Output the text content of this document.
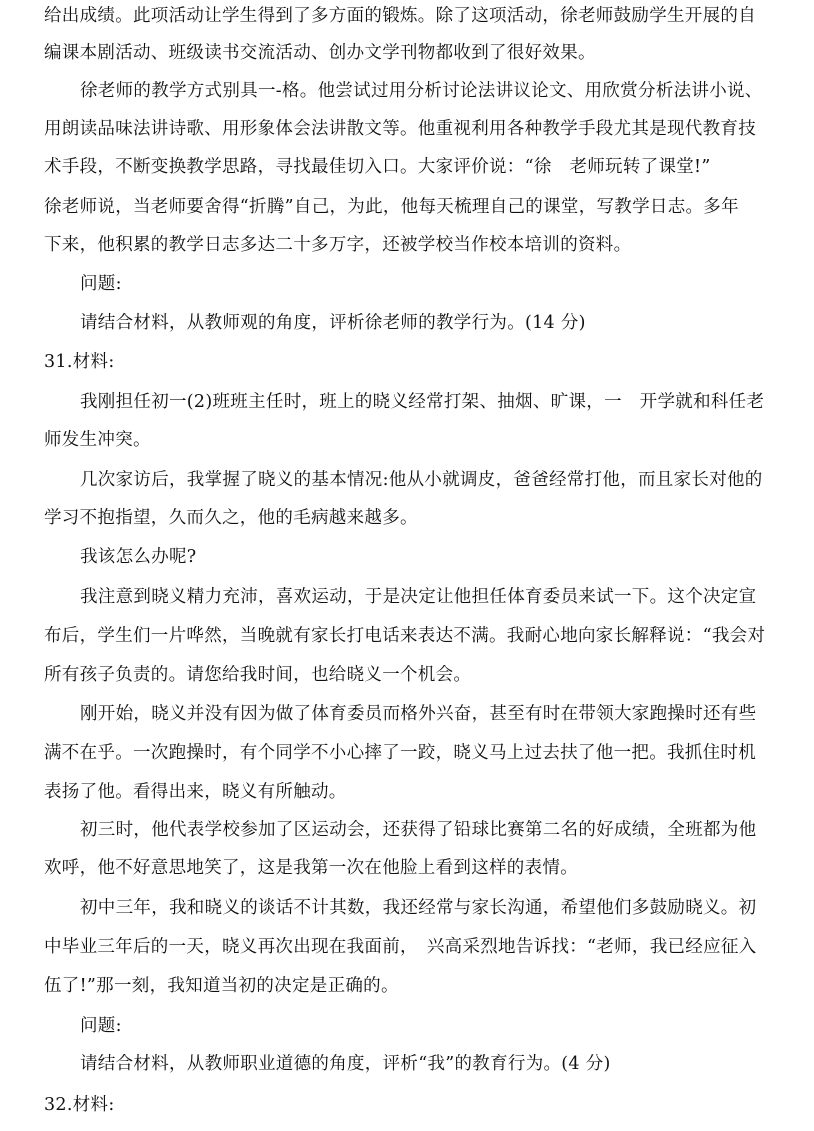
给出成绩。此项活动让学生得到了多方面的锻炼。除了这项活动，徐老师鼓励学生开展的自
编课本剧活动、班级读书交流活动、创办文学刊物都收到了很好效果。
徐老师的教学方式别具一-格。他尝试过用分析讨论法讲议论文、用欣赏分析法讲小说、
用朗读品味法讲诗歌、用形象体会法讲散文等。他重视利用各种教学手段尤其是现代教育技
术手段，不断变换教学思路，寻找最佳切入口。大家评价说：“徐　老师玩转了课堂!”
徐老师说，当老师要舍得“折腾”自己，为此，他每天梳理自己的课堂，写教学日志。多年
下来，他积累的教学日志多达二十多万字，还被学校当作校本培训的资料。
问题:
请结合材料，从教师观的角度，评析徐老师的教学行为。(14 分)
31.材料:
我刚担任初一(2)班班主任时，班上的晓义经常打架、抽烟、旷课，一　开学就和科任老
师发生冲突。
几次家访后，我掌握了晓义的基本情况:他从小就调皮，爸爸经常打他，而且家长对他的
学习不抱指望，久而久之，他的毛病越来越多。
我该怎么办呢?
我注意到晓义精力充沛，喜欢运动，于是决定让他担任体育委员来试一下。这个决定宣
布后，学生们一片哗然，当晚就有家长打电话来表达不满。我耐心地向家长解释说：“我会对
所有孩子负责的。请您给我时间，也给晓义一个机会。
刚开始，晓义并没有因为做了体育委员而格外兴奋，甚至有时在带领大家跑操时还有些
满不在乎。一次跑操时，有个同学不小心摔了一跤，晓义马上过去扶了他一把。我抓住时机
表扬了他。看得出来，晓义有所触动。
初三时，他代表学校参加了区运动会，还获得了铅球比赛第二名的好成绩，全班都为他
欢呼，他不好意思地笑了，这是我第一次在他脸上看到这样的表情。
初中三年，我和晓义的谈话不计其数，我还经常与家长沟通，希望他们多鼓励晓义。初
中毕业三年后的一天，晓义再次出现在我面前，　兴高采烈地告诉找：“老师，我已经应征入
伍了!”那一刻，我知道当初的决定是正确的。
问题:
请结合材料，从教师职业道德的角度，评析“我”的教育行为。(4 分)
32.材料:
